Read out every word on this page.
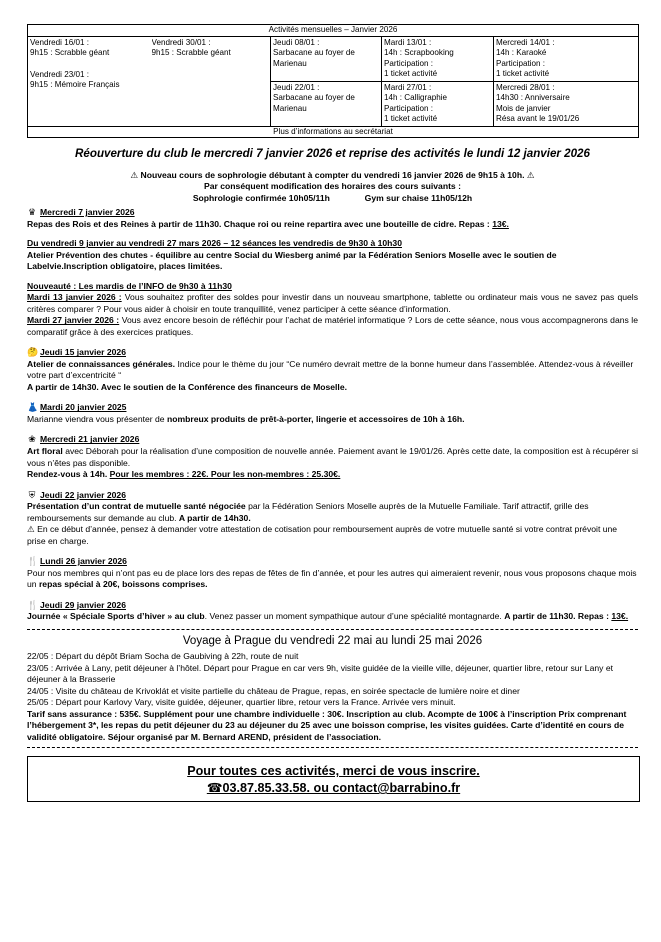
Activités mensuelles – Janvier 2026				

Vendredi 16/01 :
9h15 : Scrabble géant
Vendredi 23/01 :
9h15 : Mémoire Français	Vendredi 30/01 :
9h15 : Scrabble géant	Jeudi 08/01 :
Sarbacane au foyer de
Marienau	Mardi 13/01 :
14h : Scrapbooking
Participation :
1 ticket activité	Mercredi 14/01 :
14h : Karaoké
Participation :
1 ticket activité

		Jeudi 22/01 :
Sarbacane au foyer de
Marienau	Mardi 27/01 :
14h : Calligraphie
Participation :
1 ticket activité	Mercredi 28/01 :
14h30 : Anniversaire
Mois de janvier
Résa avant le 19/01/26

Plus d’informations au secrétariat				
Réouverture du club le mercredi 7 janvier 2026 et reprise des activités le lundi 12 janvier 2026
⚠ Nouveau cours de sophrologie débutant à compter du vendredi 16 janvier 2026 de 9h15 à 10h. ⚠
Par conséquent modification des horaires des cours suivants :
Sophrologie confirmée 10h05/11h	Gym sur chaise 11h05/12h

♛ Mercredi 7 janvier 2026

Repas des Rois et des Reines à partir de 11h30. Chaque roi ou reine repartira avec une bouteille de cidre. Repas : 13€.

Du vendredi 9 janvier au vendredi 27 mars 2026 – 12 séances les vendredis de 9h30 à 10h30

Atelier Prévention des chutes - équilibre au centre Social du Wiesberg animé par la Fédération Seniors Moselle avec le soutien de Labelvie.Inscription obligatoire, places limitées.

Nouveauté : Les mardis de l’INFO de 9h30 à 11h30

Mardi 13 janvier 2026 : Vous souhaitez profiter des soldes pour investir dans un nouveau smartphone, tablette ou ordinateur mais vous ne savez pas quels critères comparer ? Pour vous aider à choisir en toute tranquillité, venez participer à cette séance d’information.

Mardi 27 janvier 2026 : Vous avez encore besoin de réfléchir pour l’achat de matériel informatique ? Lors de cette séance, nous vous accompagnerons dans le comparatif grâce à des exercices pratiques.

🤔 Jeudi 15 janvier 2026

Atelier de connaissances générales. Indice pour le thème du jour “Ce numéro devrait mettre de la bonne humeur dans l’assemblée. Attendez-vous à réveiller votre part d’excentricité “

A partir de 14h30. Avec le soutien de la Conférence des financeurs de Moselle.

👗 Mardi 20 janvier 2025

Marianne viendra vous présenter de nombreux produits de prêt-à-porter, lingerie et accessoires de 10h à 16h.

❀ Mercredi 21 janvier 2026

Art floral avec Déborah pour la réalisation d’une composition de nouvelle année. Paiement avant le 19/01/26. Après cette date, la composition est à récupérer si vous n’êtes pas disponible.

Rendez-vous à 14h. Pour les membres : 22€. Pour les non-membres : 25.30€.

⛨ Jeudi 22 janvier 2026

Présentation d’un contrat de mutuelle santé négociée par la Fédération Seniors Moselle auprès de la Mutuelle Familiale. Tarif attractif, grille des remboursements sur demande au club. A partir de 14h30.

⚠ En ce début d’année, pensez à demander votre attestation de cotisation pour remboursement auprès de votre mutuelle santé si votre contrat prévoit une prise en charge.

🍴 Lundi 26 janvier 2026

Pour nos membres qui n’ont pas eu de place lors des repas de fêtes de fin d’année, et pour les autres qui aimeraient revenir, nous vous proposons chaque mois un repas spécial à 20€, boissons comprises.

🍴 Jeudi 29 janvier 2026

Journée « Spéciale Sports d’hiver » au club. Venez passer un moment sympathique autour d’une spécialité montagnarde. A partir de 11h30. Repas : 13€.

Voyage à Prague du vendredi 22 mai au lundi 25 mai 2026

22/05 : Départ du dépôt Briam Socha de Gaubiving à 22h, route de nuit

23/05 : Arrivée à Lany, petit déjeuner à l’hôtel. Départ pour Prague en car vers 9h, visite guidée de la vieille ville, déjeuner, quartier libre, retour sur Lany et déjeuner à la Brasserie

24/05 : Visite du château de Krivoklát et visite partielle du château de Prague, repas, en soirée spectacle de lumière noire et diner

25/05 : Départ pour Karlovy Vary, visite guidée, déjeuner, quartier libre, retour vers la France. Arrivée vers minuit.

Tarif sans assurance : 535€. Supplément pour une chambre individuelle : 30€. Inscription au club. Acompte de 100€ à l’inscription Prix comprenant l’hébergement 3*, les repas du petit déjeuner du 23 au déjeuner du 25 avec une boisson comprise, les visites guidées. Carte d’identité en cours de validité obligatoire. Séjour organisé par M. Bernard AREND, président de l’association.

Pour toutes ces activités, merci de vous inscrire.
☎03.87.85.33.58. ou contact@barrabino.fr
